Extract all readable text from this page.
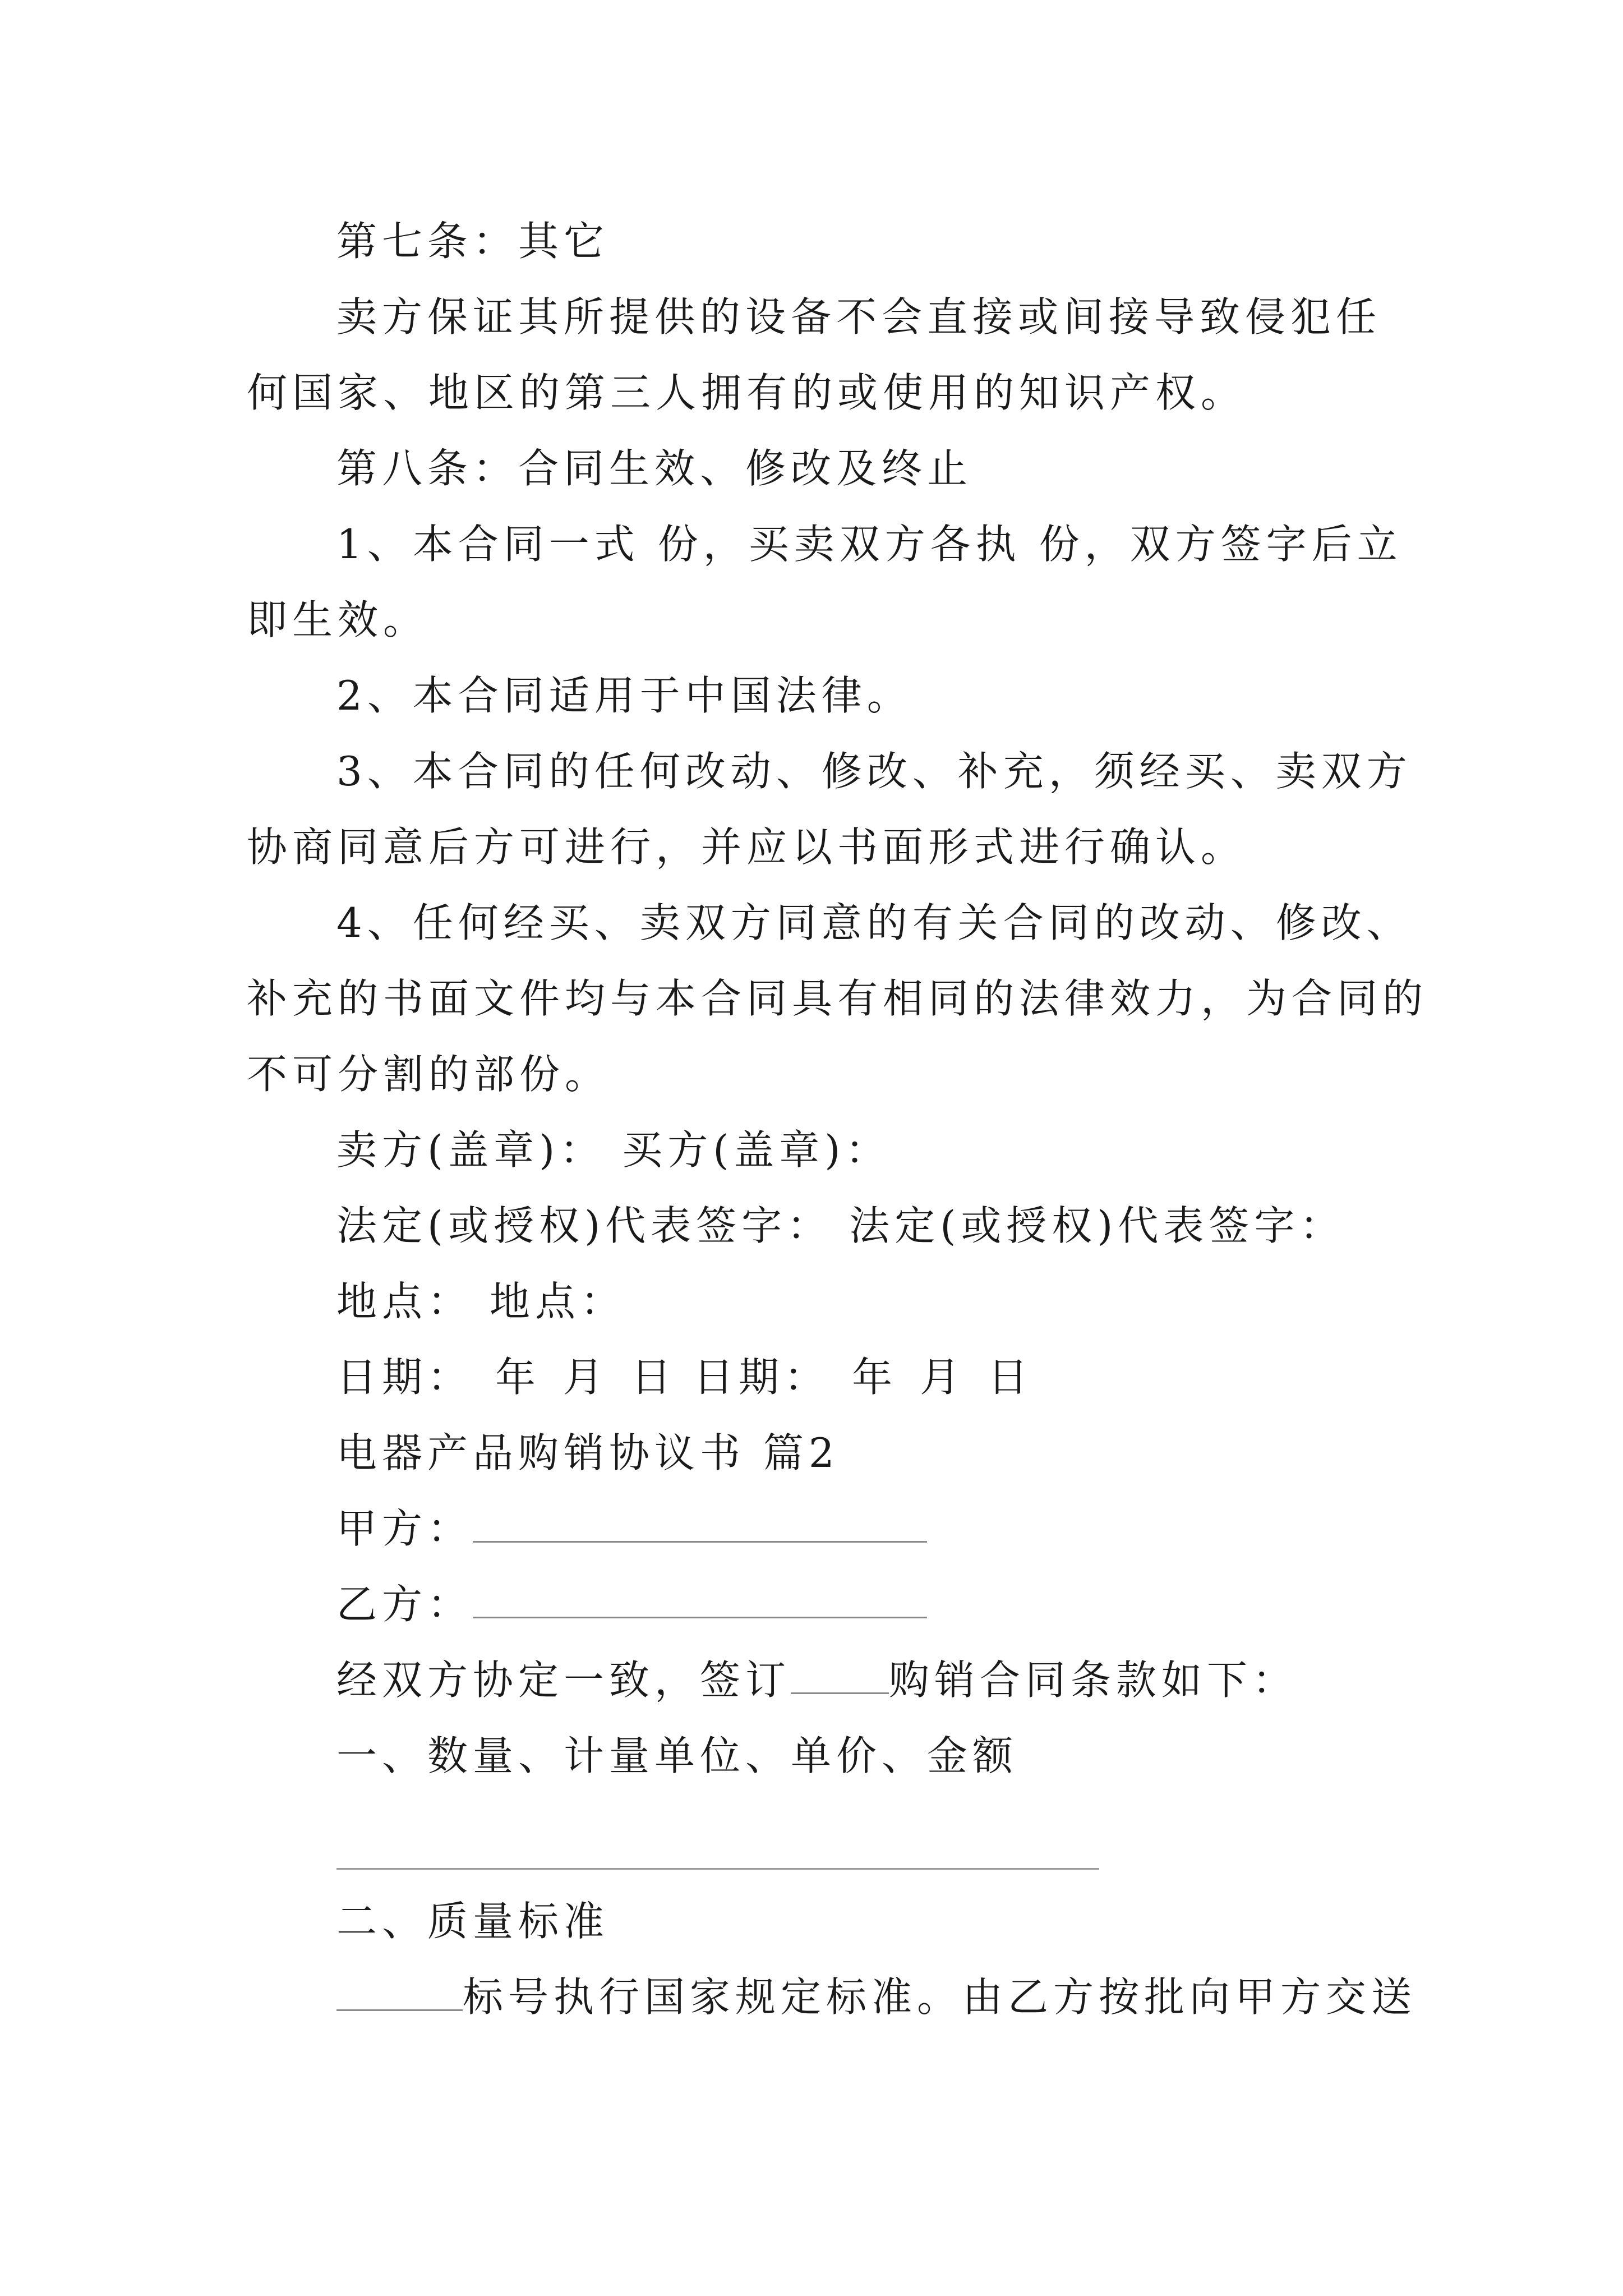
第七条：其它
卖方保证其所提供的设备不会直接或间接导致侵犯任
何国家、地区的第三人拥有的或使用的知识产权。
第八条：合同生效、修改及终止
1、本合同一式 份，买卖双方各执 份，双方签字后立
即生效。
2、本合同适用于中国法律。
3、本合同的任何改动、修改、补充，须经买、卖双方
协商同意后方可进行，并应以书面形式进行确认。
4、任何经买、卖双方同意的有关合同的改动、修改、
补充的书面文件均与本合同具有相同的法律效力，为合同的
不可分割的部份。
卖方(盖章)： 买方(盖章)：
法定(或授权)代表签字： 法定(或授权)代表签字：
地点： 地点：
日期： 年 月 日 日期： 年 月 日
电器产品购销协议书 篇2
甲方：
乙方：
经双方协定一致，签订 购销合同条款如下：
一、数量、计量单位、单价、金额
二、质量标准
标号执行国家规定标准。由乙方按批向甲方交送
